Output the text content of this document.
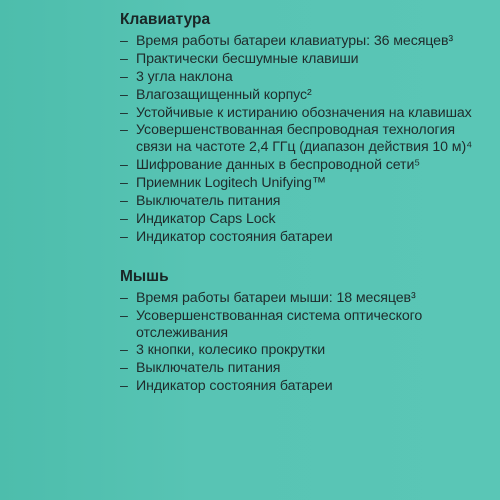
Клавиатура
– Время работы батареи клавиатуры: 36 месяцев³
– Практически бесшумные клавиши
– 3 угла наклона
– Влагозащищенный корпус²
– Устойчивые к истиранию обозначения на клавишах
– Усовершенствованная беспроводная технология связи на частоте 2,4 ГГц (диапазон действия 10 м)⁴
– Шифрование данных в беспроводной сети⁵
– Приемник Logitech Unifying™
– Выключатель питания
– Индикатор Caps Lock
– Индикатор состояния батареи
Мышь
– Время работы батареи мыши: 18 месяцев³
– Усовершенствованная система оптического отслеживания
– 3 кнопки, колесико прокрутки
– Выключатель питания
– Индикатор состояния батареи
